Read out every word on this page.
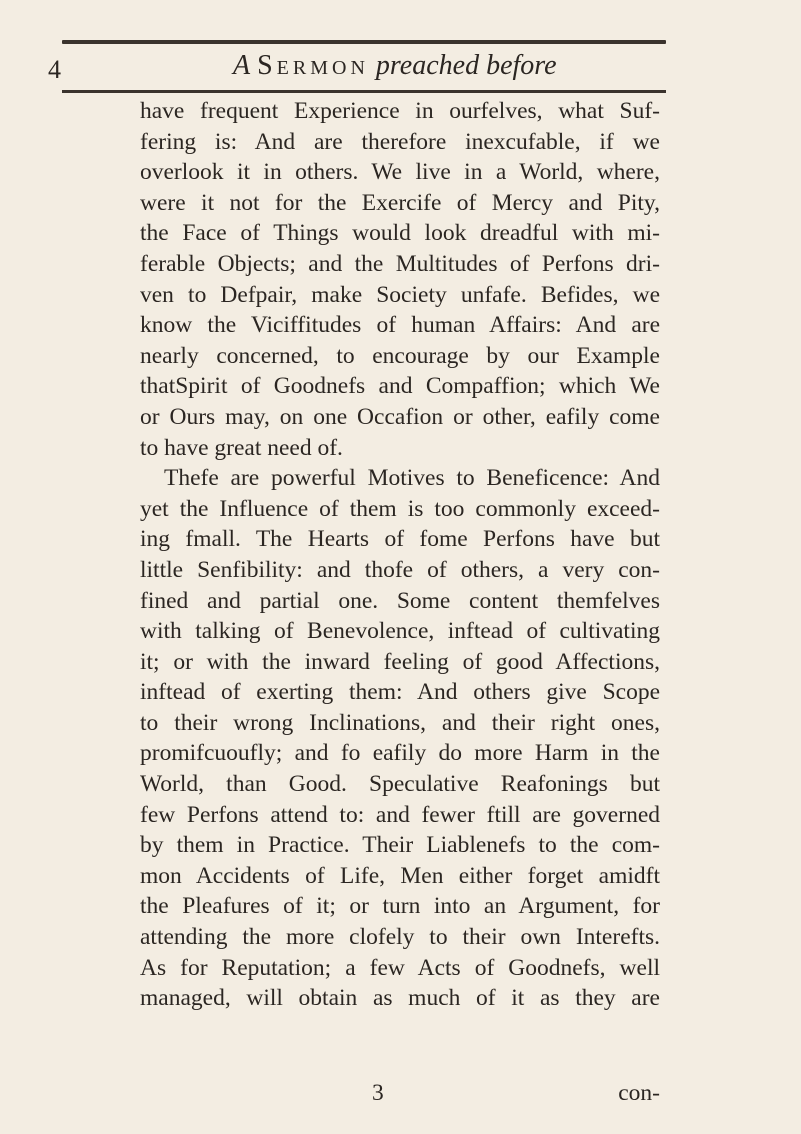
4	A Sermon preached before
have frequent Experience in ourfelves, what Suf-
fering is: And are therefore inexcufable, if we
overlook it in others. We live in a World, where,
were it not for the Exercife of Mercy and Pity,
the Face of Things would look dreadful with mi-
ferable Objects; and the Multitudes of Perfons dri-
ven to Defpair, make Society unfafe. Befides, we
know the Viciffitudes of human Affairs: And are
nearly concerned, to encourage by our Example
thatSpirit of Goodnefs and Compaffion; which We
or Ours may, on one Occafion or other, eafily come
to have great need of.
Thefe are powerful Motives to Beneficence: And
yet the Influence of them is too commonly exceed-
ing fmall. The Hearts of fome Perfons have but
little Senfibility: and thofe of others, a very con-
fined and partial one. Some content themfelves
with talking of Benevolence, inftead of cultivating
it; or with the inward feeling of good Affections,
inftead of exerting them: And others give Scope
to their wrong Inclinations, and their right ones,
promifcuoufly; and fo eafily do more Harm in the
World, than Good. Speculative Reafonings but
few Perfons attend to: and fewer ftill are governed
by them in Practice. Their Liablenefs to the com-
mon Accidents of Life, Men either forget amidft
the Pleafures of it; or turn into an Argument, for
attending the more clofely to their own Interefts.
As for Reputation; a few Acts of Goodnefs, well
managed, will obtain as much of it as they are
3	con-
